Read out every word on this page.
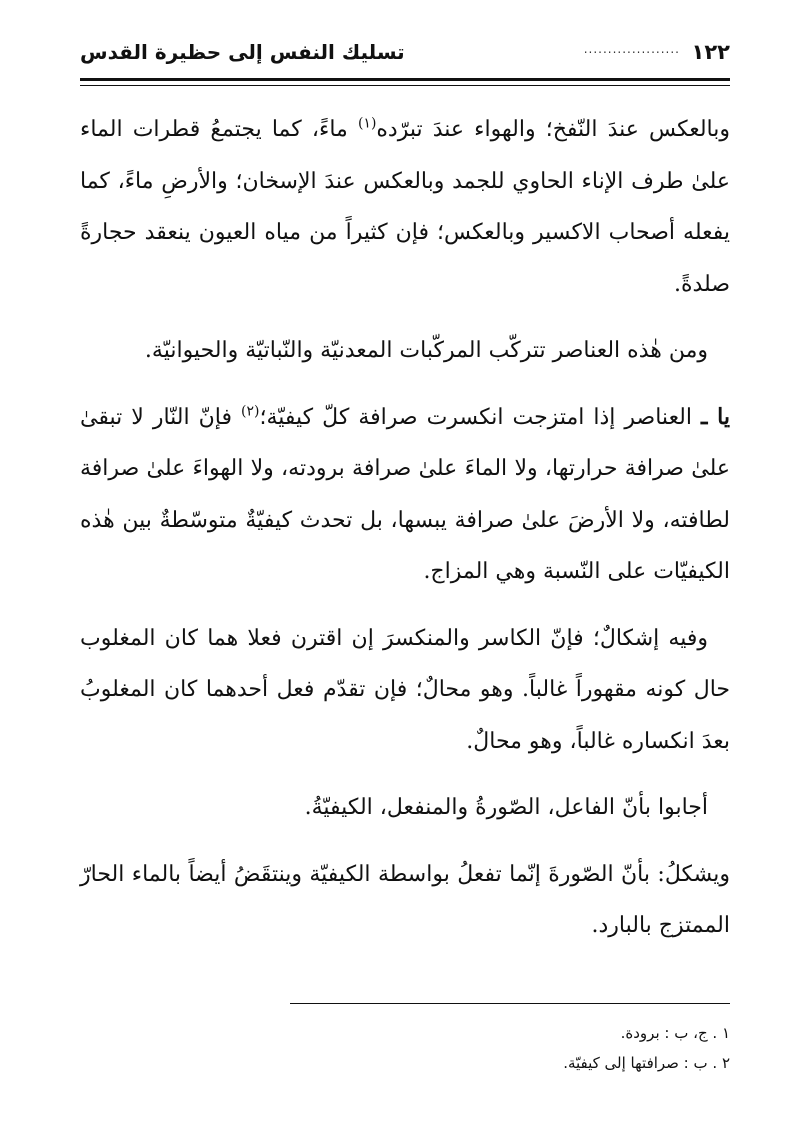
١٢٢
....................
تسليك النفس إلى حظيرة القدس

وبالعكس عندَ النّفخ؛ والهواء عندَ تبرّده$^{(١)}$ ماءً، كما يجتمعُ قطرات الماء علىٰ طرف الإناء الحاوي للجمد وبالعكس عندَ الإسخان؛ والأرضِ ماءً، كما يفعله أصحاب الاكسير وبالعكس؛ فإن كثيراً من مياه العيون ينعقد حجارةً صلدةً.

ومن هٰذه العناصر تتركّب المركّبات المعدنيّة والنّباتيّة والحيوانيّة.

يا ـ العناصر إذا امتزجت انكسرت صرافة كلّ كيفيّة؛$^{(٢)}$ فإنّ النّار لا تبقىٰ علىٰ صرافة حرارتها، ولا الماءَ علىٰ صرافة برودته، ولا الهواءَ علىٰ صرافة لطافته، ولا الأرضَ علىٰ صرافة يبسها، بل تحدث كيفيّةٌ متوسّطةٌ بين هٰذه الكيفيّات على النّسبة وهي المزاج.

وفيه إشكالٌ؛ فإنّ الكاسر والمنكسرَ إن اقترن فعلا هما كان المغلوب حال كونه مقهوراً غالباً. وهو محالٌ؛ فإن تقدّم فعل أحدهما كان المغلوبُ بعدَ انكساره غالباً، وهو محالٌ.

أجابوا بأنّ الفاعل، الصّورةُ والمنفعل، الكيفيّةُ.

ويشكلُ: بأنّ الصّورةَ إنّما تفعلُ بواسطة الكيفيّة وينتقَضُ أيضاً بالماء الحارّ الممتزج بالبارد.

١ . ج، ب : برودة.

٢ . ب : صرافتها إلى كيفيّة.
